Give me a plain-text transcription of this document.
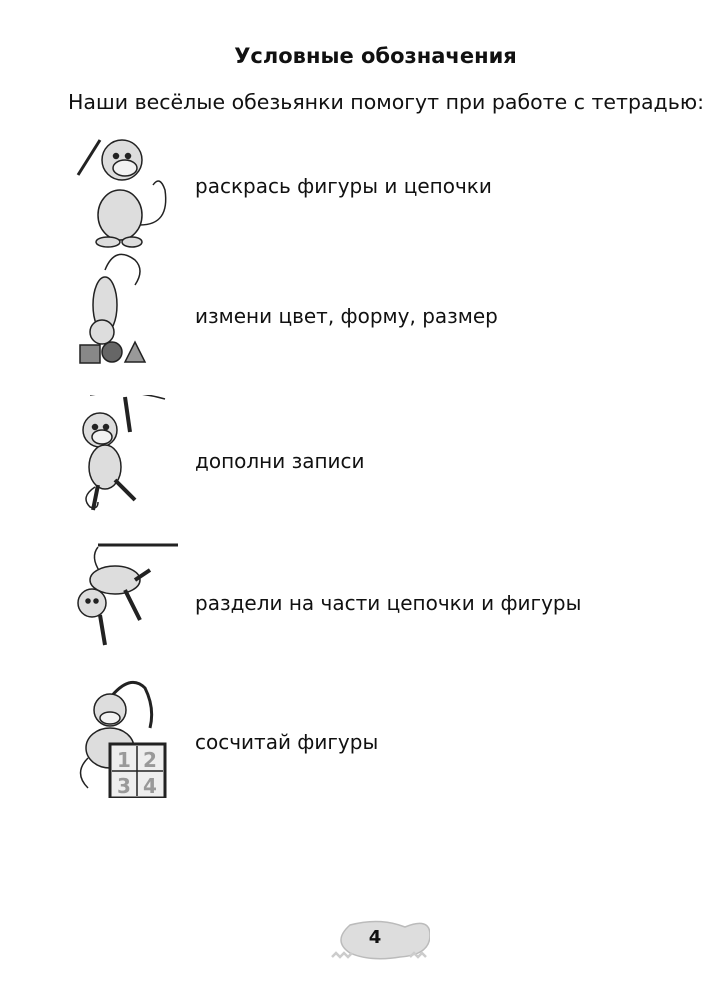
Условные обозначения
Наши весёлые обезьянки помогут при работе с тетрадью:
раскрась фигуры и цепочки
измени цвет, форму, размер
дополни записи
раздели на части цепочки и фигуры
1 2
3 4
сосчитай фигуры
4
